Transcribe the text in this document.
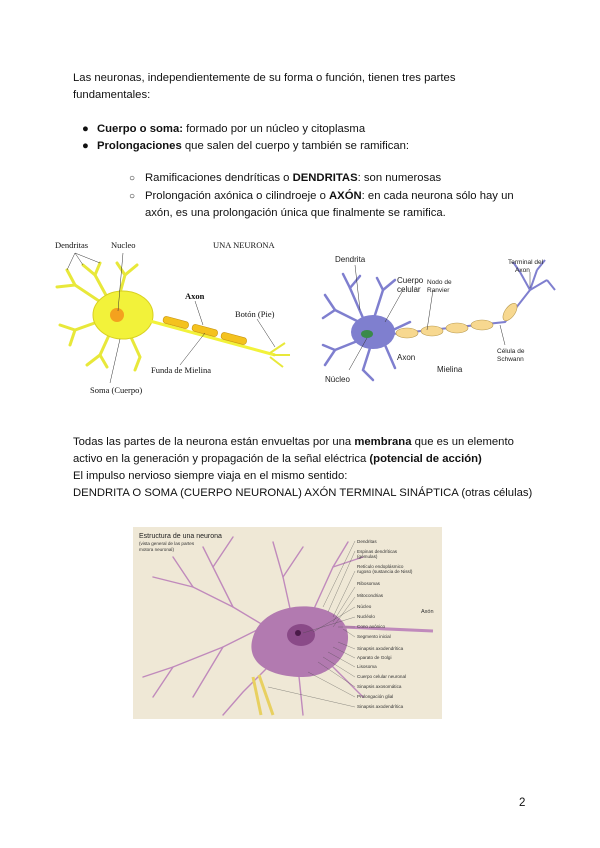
Las neuronas, independientemente de su forma o función, tienen tres partes
fundamentales:
● Cuerpo o soma: formado por un núcleo y citoplasma
● Prolongaciones que salen del cuerpo y también se ramifican:
○ Ramificaciones dendríticas o DENDRITAS: son numerosas
○ Prolongación axónica o cilindroeje o AXÓN: en cada neurona sólo hay un
axón, es una prolongación única que finalmente se ramifica.
Dendritas	Nucleo	UNA NEURONA
Axon
Botón (Pie)
Funda de Mielina
Soma (Cuerpo)
Dendrita
Cuerpo
celular
Nodo de
Ranvier
Terminal del
Axon
Axon
Célula de
Schwann
Núcleo
Mielina
Todas las partes de la neurona están envueltas por una membrana que es un elemento
activo en la generación y propagación de la señal eléctrica (potencial de acción)
El impulso nervioso siempre viaja en el mismo sentido:
DENDRITA O SOMA (CUERPO NEURONAL) AXÓN TERMINAL SINÁPTICA (otras células)
Estructura de una neurona
(vista general de las partes
motora neuronal)
Axón
Dendritas
Espinas dendríticas
(gémulas)
Retículo endoplásmico
rugoso (sustancia de Nissl)
Ribosomas
Mitocondrias
Núcleo
Nucléolo
Cono axónico
Segmento inicial
Sinapsis axodendrítica
Aparato de Golgi
Lisosoma
Cuerpo celular neuronal
Sinapsis axosomática
Prolongación glial
Sinapsis axodendrítica
2
